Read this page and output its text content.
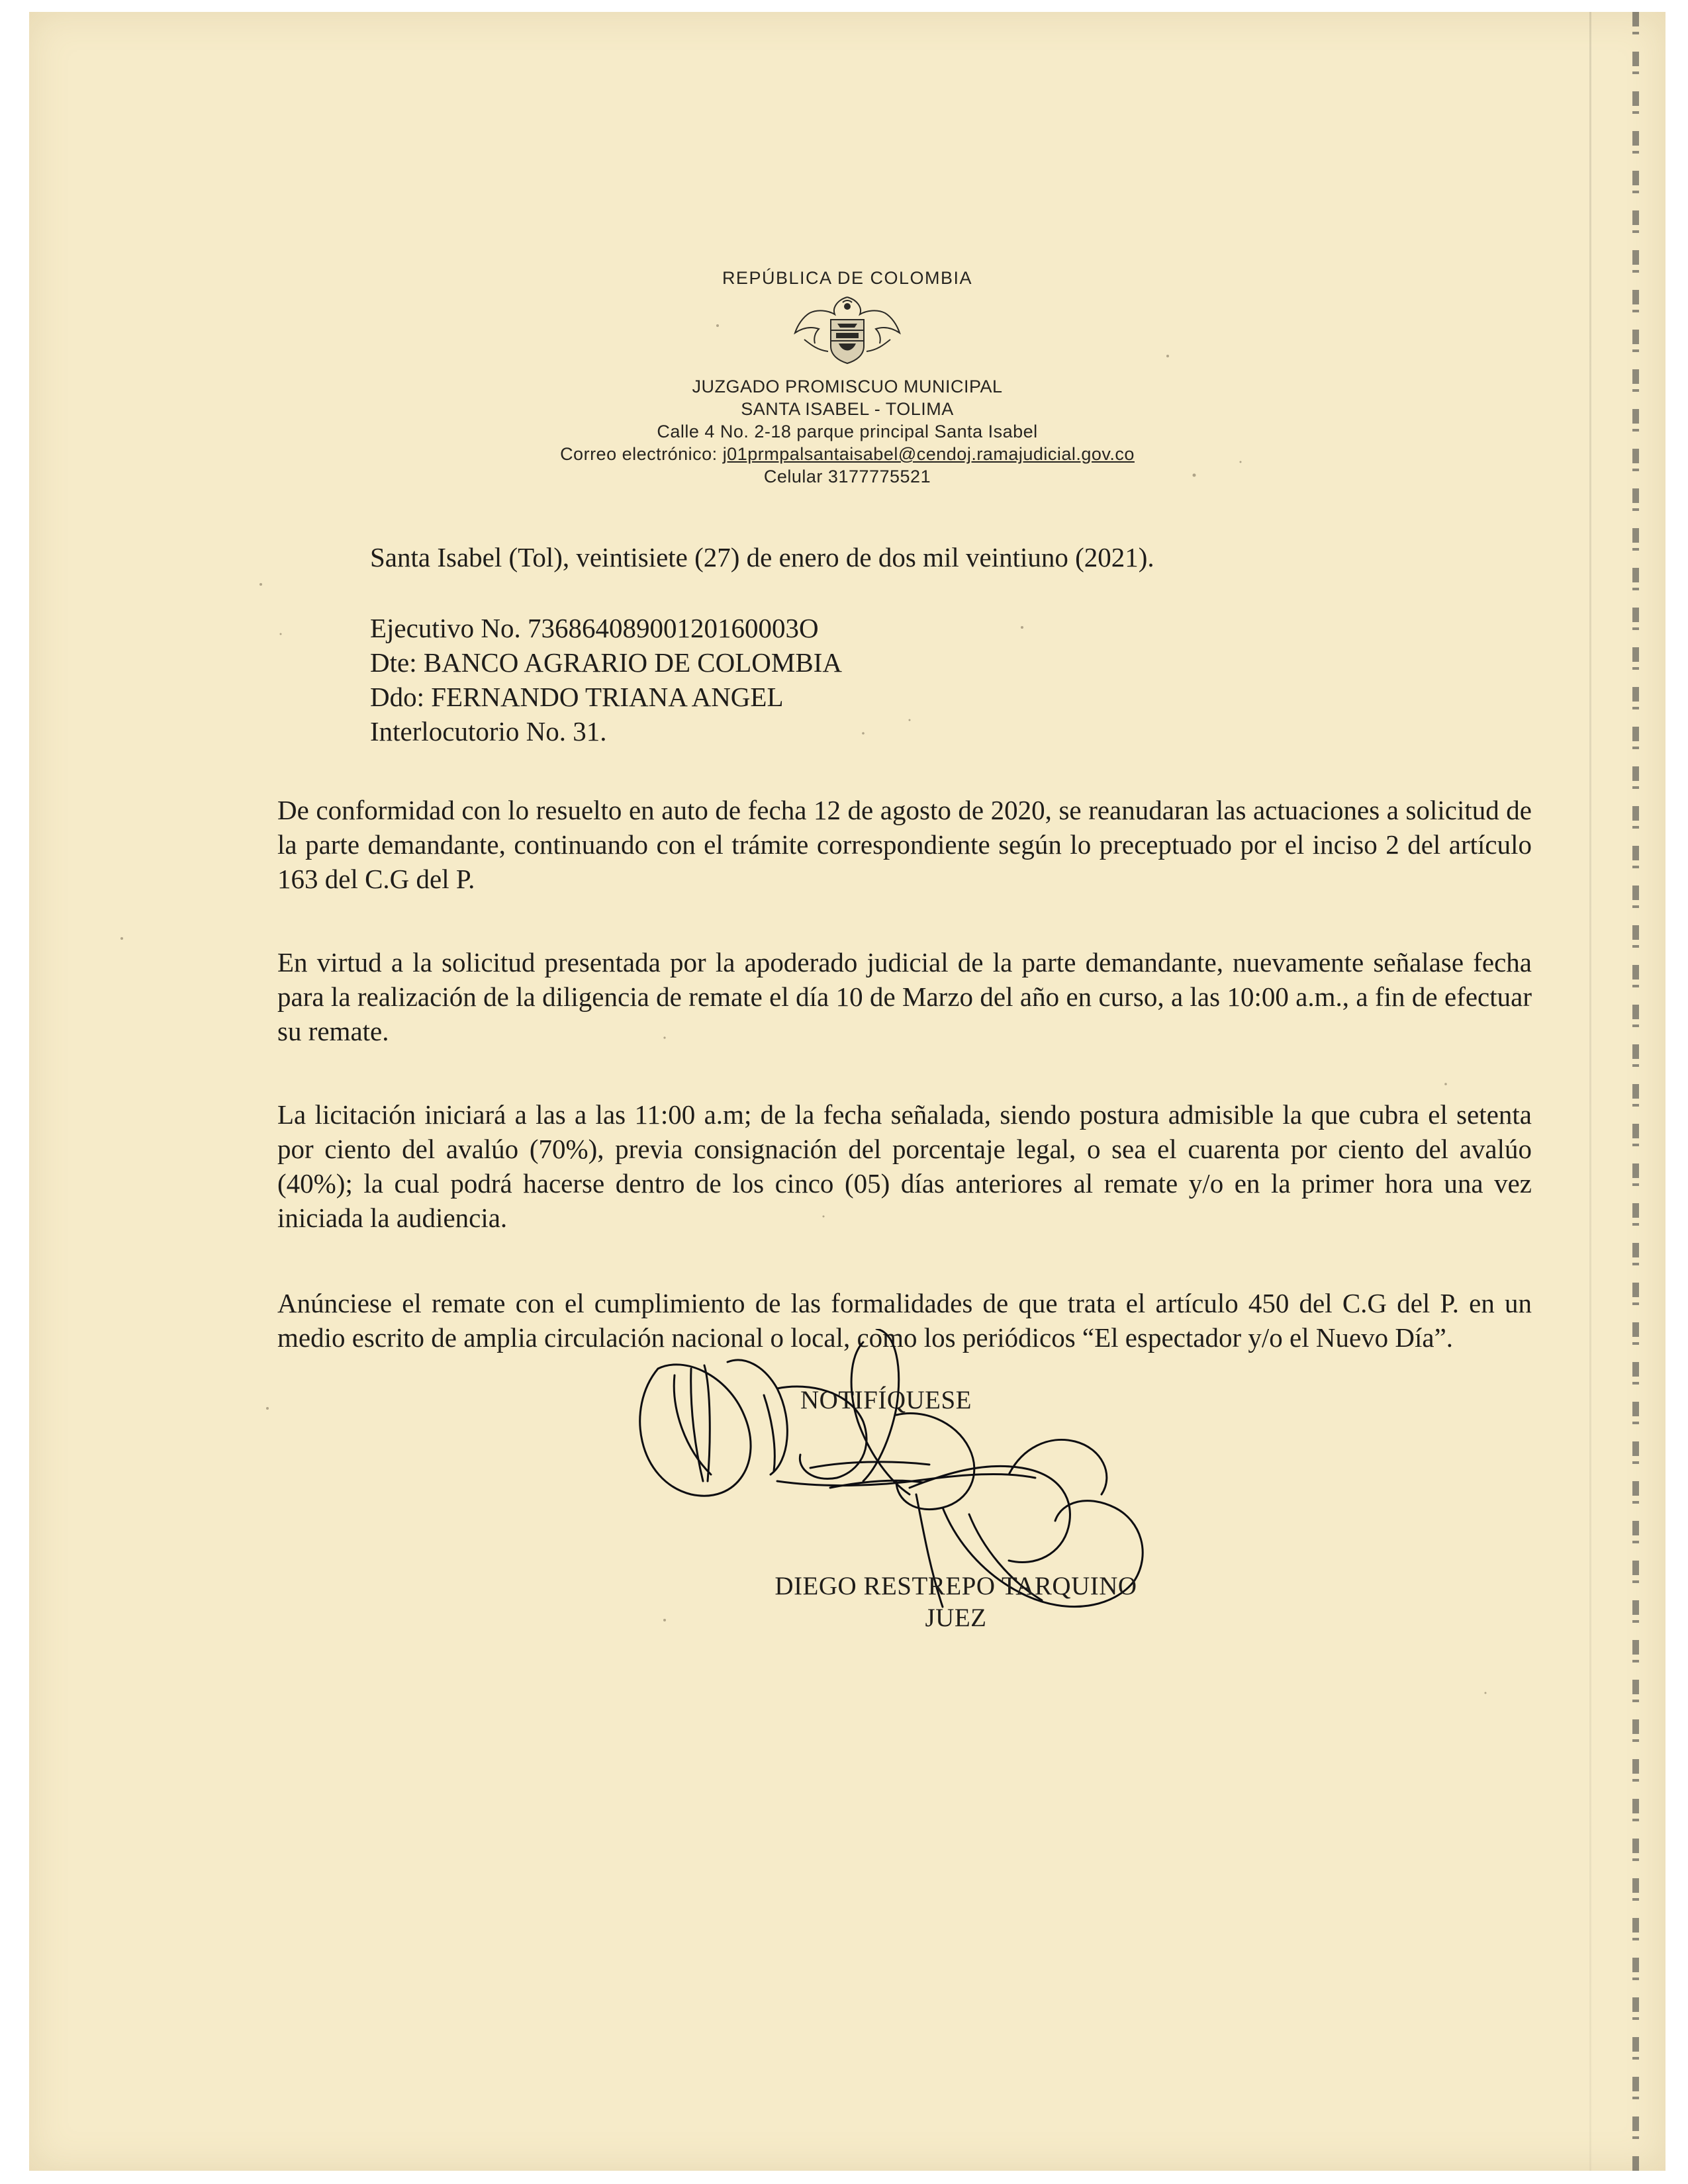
REPÚBLICA DE COLOMBIA
JUZGADO PROMISCUO MUNICIPAL
SANTA ISABEL - TOLIMA
Calle 4 No. 2-18 parque principal Santa Isabel
Correo electrónico: j01prmpalsantaisabel@cendoj.ramajudicial.gov.co
Celular 3177775521
Santa Isabel (Tol), veintisiete (27) de enero de dos mil veintiuno (2021).
Ejecutivo No. 73686408900120160003O
Dte: BANCO AGRARIO DE COLOMBIA
Ddo: FERNANDO TRIANA ANGEL
Interlocutorio No. 31.

De conformidad con lo resuelto en auto de fecha 12 de agosto de 2020, se reanudaran las actuaciones a solicitud de la parte demandante, continuando con el trámite correspondiente según lo preceptuado por el inciso 2 del artículo 163 del C.G del P.

En virtud a la solicitud presentada por la apoderado judicial de la parte demandante, nuevamente señalase fecha para la realización de la diligencia de remate el día 10 de Marzo del año en curso, a las 10:00 a.m., a fin de efectuar su remate.

La licitación iniciará a las a las 11:00 a.m; de la fecha señalada, siendo postura admisible la que cubra el setenta por ciento del avalúo (70%), previa consignación del porcentaje legal, o sea el cuarenta por ciento del avalúo (40%); la cual podrá hacerse dentro de los cinco (05) días anteriores al remate y/o en la primer hora una vez iniciada la audiencia.

Anúnciese el remate con el cumplimiento de las formalidades de que trata el artículo 450 del C.G del P. en un medio escrito de amplia circulación nacional o local, como los periódicos “El espectador y/o el Nuevo Día”.

NOTIFÍQUESE
DIEGO RESTREPO TARQUINO
JUEZ
